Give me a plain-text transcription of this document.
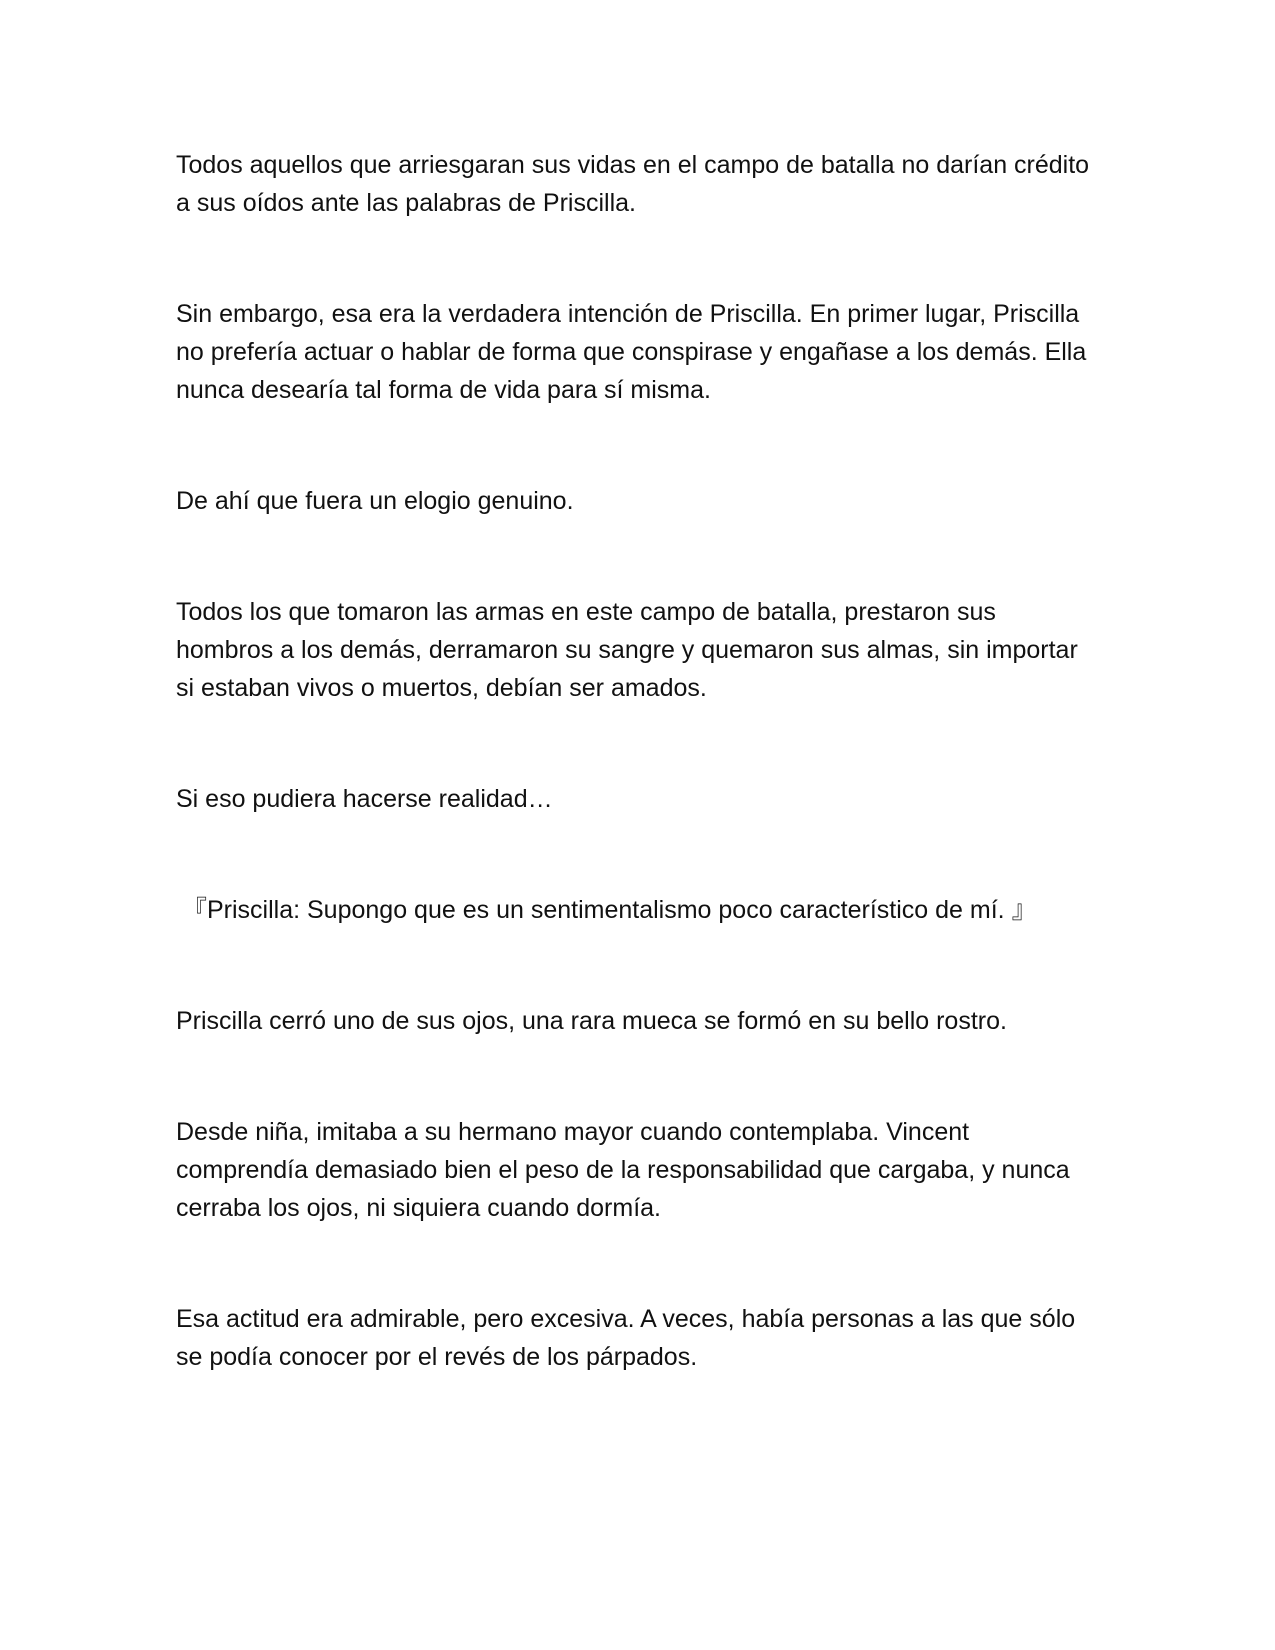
Todos aquellos que arriesgaran sus vidas en el campo de batalla no darían crédito a sus oídos ante las palabras de Priscilla.

Sin embargo, esa era la verdadera intención de Priscilla. En primer lugar, Priscilla no prefería actuar o hablar de forma que conspirase y engañase a los demás. Ella nunca desearía tal forma de vida para sí misma.

De ahí que fuera un elogio genuino.

Todos los que tomaron las armas en este campo de batalla, prestaron sus hombros a los demás, derramaron su sangre y quemaron sus almas, sin importar si estaban vivos o muertos, debían ser amados.

Si eso pudiera hacerse realidad…

『Priscilla: Supongo que es un sentimentalismo poco característico de mí. 』

Priscilla cerró uno de sus ojos, una rara mueca se formó en su bello rostro.

Desde niña, imitaba a su hermano mayor cuando contemplaba. Vincent comprendía demasiado bien el peso de la responsabilidad que cargaba, y nunca cerraba los ojos, ni siquiera cuando dormía.

Esa actitud era admirable, pero excesiva. A veces, había personas a las que sólo se podía conocer por el revés de los párpados.
